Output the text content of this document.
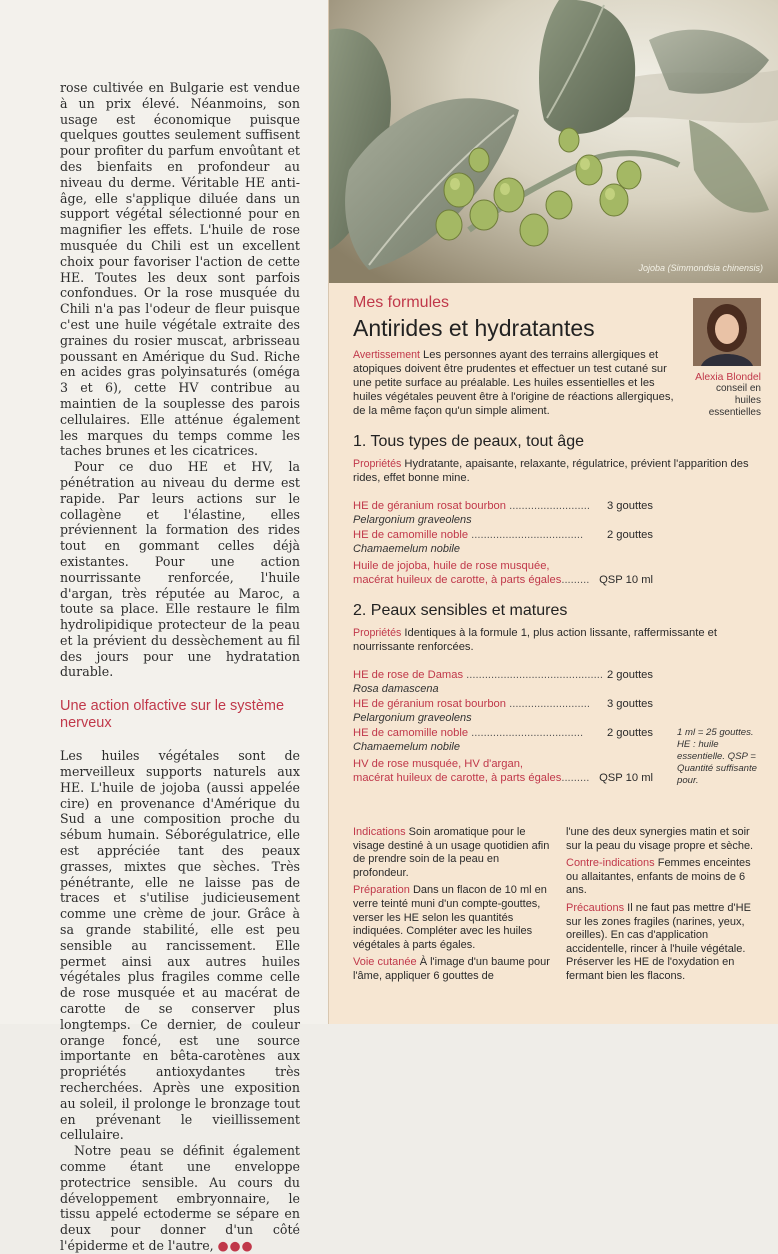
rose cultivée en Bulgarie est vendue à un prix élevé. Néanmoins, son usage est économique puisque quelques gouttes seulement suffisent pour profiter du parfum envoûtant et des bienfaits en profondeur au niveau du derme. Véritable HE anti-âge, elle s'applique diluée dans un support végétal sélectionné pour en magnifier les effets. L'huile de rose musquée du Chili est un excellent choix pour favoriser l'action de cette HE. Toutes les deux sont parfois confondues. Or la rose musquée du Chili n'a pas l'odeur de fleur puisque c'est une huile végétale extraite des graines du rosier muscat, arbrisseau poussant en Amérique du Sud. Riche en acides gras polyinsaturés (oméga 3 et 6), cette HV contribue au maintien de la souplesse des parois cellulaires. Elle atténue également les marques du temps comme les taches brunes et les cicatrices.

Pour ce duo HE et HV, la pénétration au niveau du derme est rapide. Par leurs actions sur le collagène et l'élastine, elles préviennent la formation des rides tout en gommant celles déjà existantes. Pour une action nourrissante renforcée, l'huile d'argan, très réputée au Maroc, a toute sa place. Elle restaure le film hydrolipidique protecteur de la peau et la prévient du dessèchement au fil des jours pour une hydratation durable.

Une action olfactive sur le système nerveux

Les huiles végétales sont de merveilleux supports naturels aux HE. L'huile de jojoba (aussi appelée cire) en provenance d'Amérique du Sud a une composition proche du sébum humain. Séborégulatrice, elle est appréciée tant des peaux grasses, mixtes que sèches. Très pénétrante, elle ne laisse pas de traces et s'utilise judicieusement comme une crème de jour. Grâce à sa grande stabilité, elle est peu sensible au rancissement. Elle permet ainsi aux autres huiles végétales plus fragiles comme celle de rose musquée et au macérat de carotte de se conserver plus longtemps. Ce dernier, de couleur orange foncé, est une source importante en bêta-carotènes aux propriétés antioxydantes très recherchées. Après une exposition au soleil, il prolonge le bronzage tout en prévenant le vieillissement cellulaire.

Notre peau se définit également comme étant une enveloppe protectrice sensible. Au cours du développement embryonnaire, le tissu appelé ectoderme se sépare en deux pour donner d'un côté l'épiderme et de l'autre, ●●●

Jojoba (Simmondsia chinensis)
Mes formules
Antirides et hydratantes
Avertissement Les personnes ayant des terrains allergiques et atopiques doivent être prudentes et effectuer un test cutané sur une petite surface au préalable. Les huiles essentielles et les huiles végétales peuvent être à l'origine de réactions allergiques, de la même façon qu'un simple aliment.
1. Tous types de peaux, tout âge
Propriétés Hydratante, apaisante, relaxante, régulatrice, prévient l'apparition des rides, effet bonne mine.
HE de géranium rosat bourbon .......................... 3 gouttes
Pelargonium graveolens
HE de camomille noble .................................... 2 gouttes
Chamaemelum nobile
Huile de jojoba, huile de rose musquée,
macérat huileux de carotte, à parts égales......... QSP 10 ml
2. Peaux sensibles et matures
Propriétés Identiques à la formule 1, plus action lissante, raffermissante et nourrissante renforcées.
HE de rose de Damas ............................................ 2 gouttes
Rosa damascena
HE de géranium rosat bourbon .......................... 3 gouttes
Pelargonium graveolens
HE de camomille noble .................................... 2 gouttes
Chamaemelum nobile
HV de rose musquée, HV d'argan,
macérat huileux de carotte, à parts égales......... QSP 10 ml
Alexia Blondel
conseil en huiles essentielles
1 ml = 25 gouttes. HE : huile essentielle. QSP = Quantité suffisante pour.

Indications Soin aromatique pour le visage destiné à un usage quotidien afin de prendre soin de la peau en profondeur.

Préparation Dans un flacon de 10 ml en verre teinté muni d'un compte-gouttes, verser les HE selon les quantités indiquées. Compléter avec les huiles végétales à parts égales.

Voie cutanée À l'image d'un baume pour l'âme, appliquer 6 gouttes de

l'une des deux synergies matin et soir sur la peau du visage propre et sèche.

Contre-indications Femmes enceintes ou allaitantes, enfants de moins de 6 ans.

Précautions Il ne faut pas mettre d'HE sur les zones fragiles (narines, yeux, oreilles). En cas d'application accidentelle, rincer à l'huile végétale. Préserver les HE de l'oxydation en fermant bien les flacons.
